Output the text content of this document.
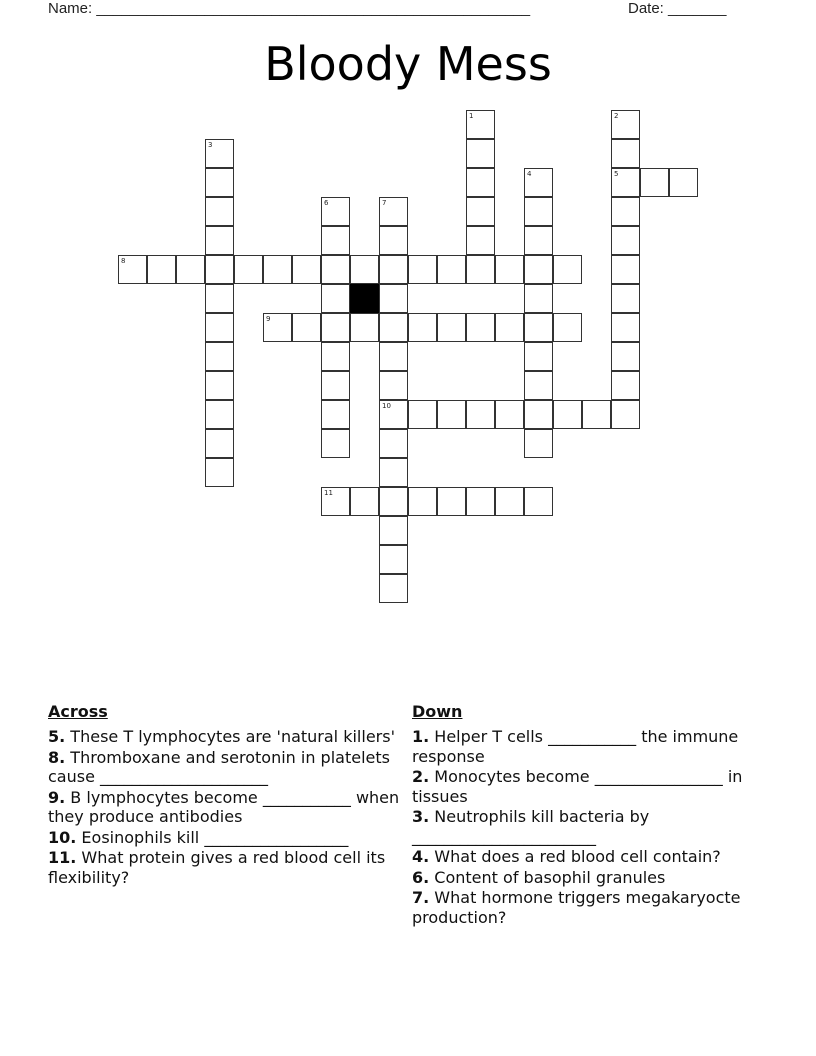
Name: ____________________________________________________	Date: _______
Bloody Mess
1	2
5
3
4
6	7
10
8
9
11
Across
5. These T lymphocytes are 'natural killers'
8. Thromboxane and serotonin in platelets cause _____________________
9. B lymphocytes become ___________ when they produce antibodies
10. Eosinophils kill __________________
11. What protein gives a red blood cell its flexibility?
Down
1. Helper T cells ___________ the immune response
2. Monocytes become ________________ in tissues
3. Neutrophils kill bacteria by _______________________
4. What does a red blood cell contain?
6. Content of basophil granules
7. What hormone triggers megakaryocte production?
